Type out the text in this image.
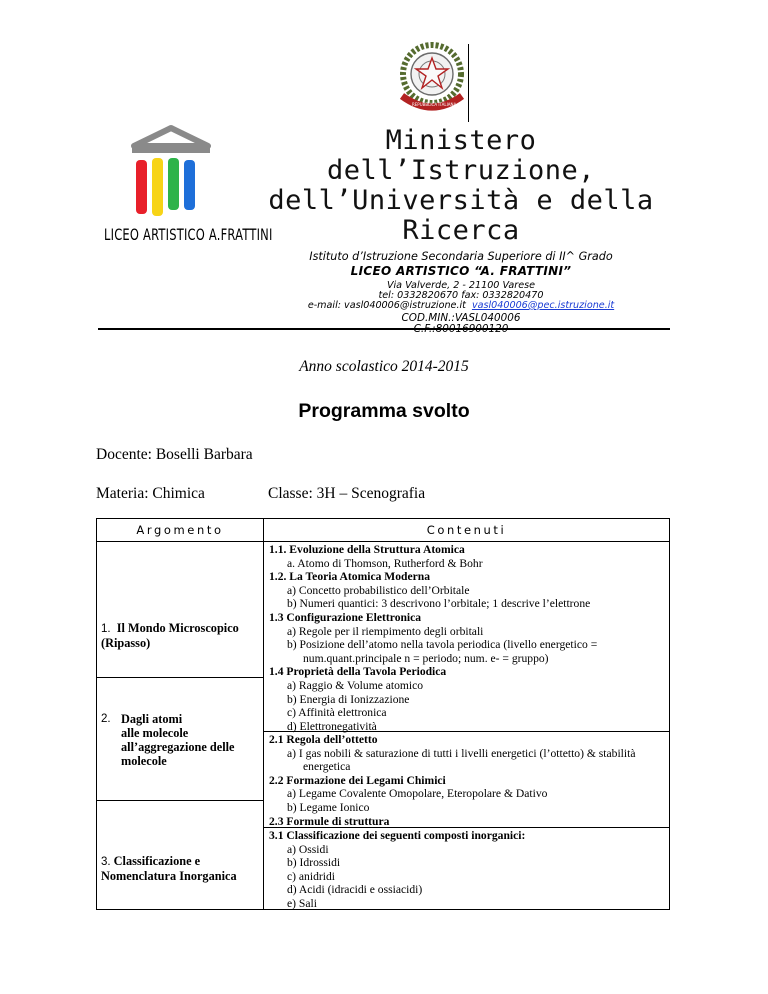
LICEO ARTISTICO A.FRATTINI
REPUBBLICA ITALIANA
Ministero
dell’Istruzione,
dell’Università e della
Ricerca
Istituto d’Istruzione Secondaria Superiore di II^ Grado
LICEO ARTISTICO “A. FRATTINI”
Via Valverde, 2 - 21100 Varese
tel: 0332820670 fax: 0332820470
e-mail: vasl040006@istruzione.it vasl040006@pec.istruzione.it
COD.MIN.:VASL040006
C.F.:80016900120
Anno scolastico 2014-2015
Programma svolto
Docente: Boselli Barbara
Materia: Chimica	Classe: 3H – Scenografia
Argomento	Contenuti
1. Il Mondo Microscopico
(Ripasso)
2. Dagli atomi
alle molecole
all’aggregazione delle
molecole
3. Classificazione e
Nomenclatura Inorganica
1.1. Evoluzione della Struttura Atomica
a. Atomo di Thomson, Rutherford & Bohr
1.2. La Teoria Atomica Moderna
a) Concetto probabilistico dell’Orbitale
b) Numeri quantici: 3 descrivono l’orbitale; 1 descrive l’elettrone
1.3 Configurazione Elettronica
a) Regole per il riempimento degli orbitali
b) Posizione dell’atomo nella tavola periodica (livello energetico =
num.quant.principale n = periodo; num. e- = gruppo)
1.4 Proprietà della Tavola Periodica
a) Raggio & Volume atomico
b) Energia di Ionizzazione
c) Affinità elettronica
d) Elettronegatività
2.1 Regola dell’ottetto
a) I gas nobili & saturazione di tutti i livelli energetici (l’ottetto) & stabilità
energetica
2.2 Formazione dei Legami Chimici
a) Legame Covalente Omopolare, Eteropolare & Dativo
b) Legame Ionico
2.3 Formule di struttura
3.1 Classificazione dei seguenti composti inorganici:
a) Ossidi
b) Idrossidi
c) anidridi
d) Acidi (idracidi e ossiacidi)
e) Sali
